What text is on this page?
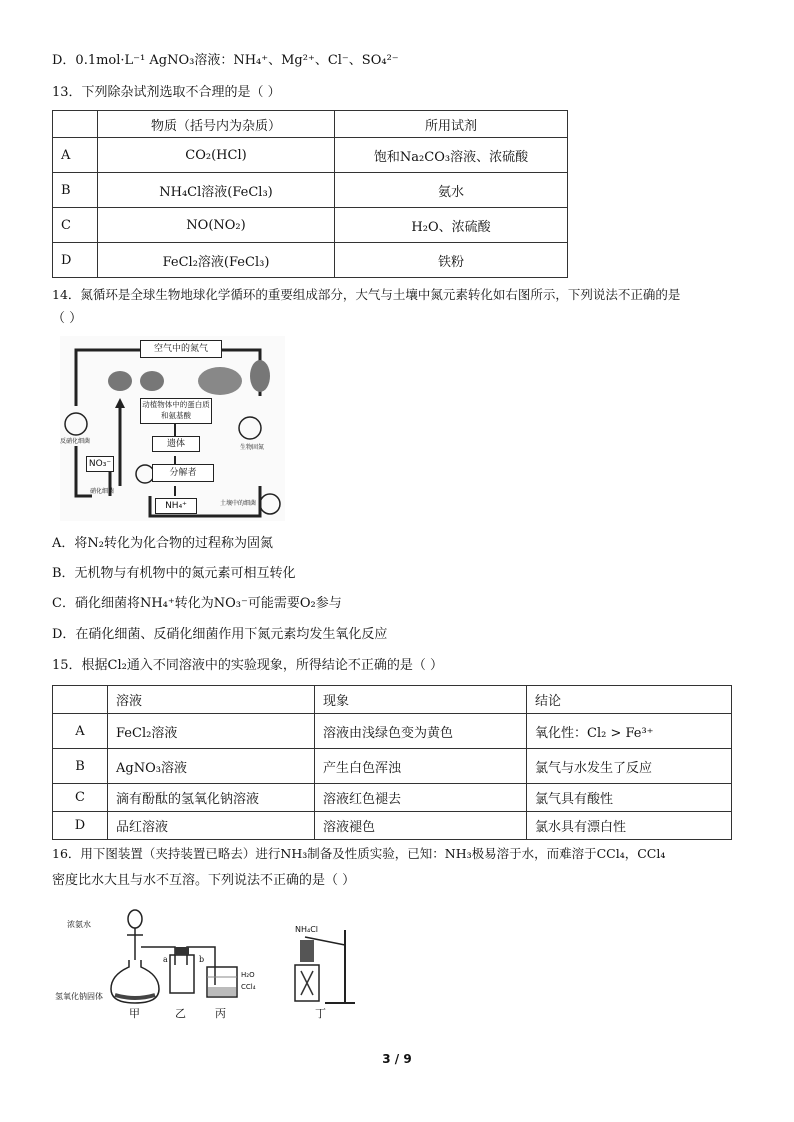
D．0.1mol·L⁻¹ AgNO₃溶液：NH₄⁺、Mg²⁺、Cl⁻、SO₄²⁻
13．下列除杂试剂选取不合理的是（ ）
	物质（括号内为杂质）	所用试剂
A	CO₂(HCl)	饱和Na₂CO₃溶液、浓硫酸
B	NH₄Cl溶液(FeCl₃)	氨水
C	NO(NO₂)	H₂O、浓硫酸
D	FeCl₂溶液(FeCl₃)	铁粉
14．氮循环是全球生物地球化学循环的重要组成部分，大气与土壤中氮元素转化如右图所示，下列说法不正确的是
（ ）
空气中的氮气
动植物体中的蛋白质和氨基酸
遗体
分解者
NO₃⁻
NH₄⁺
反硝化细菌
硝化细菌
生物固氮
土壤中的细菌
A．将N₂转化为化合物的过程称为固氮
B．无机物与有机物中的氮元素可相互转化
C．硝化细菌将NH₄⁺转化为NO₃⁻可能需要O₂参与
D．在硝化细菌、反硝化细菌作用下氮元素均发生氧化反应
15．根据Cl₂通入不同溶液中的实验现象，所得结论不正确的是（ ）
	溶液	现象	结论
A	FeCl₂溶液	溶液由浅绿色变为黄色	氧化性：Cl₂ > Fe³⁺
B	AgNO₃溶液	产生白色浑浊	氯气与水发生了反应
C	滴有酚酞的氢氧化钠溶液	溶液红色褪去	氯气具有酸性
D	品红溶液	溶液褪色	氯水具有漂白性
16．用下图装置（夹持装置已略去）进行NH₃制备及性质实验，已知：NH₃极易溶于水，而难溶于CCl₄，CCl₄
密度比水大且与水不互溶。下列说法不正确的是（ ）
浓氨水
氢氧化钠固体
a	b
H₂O
CCl₄
NH₄Cl
甲	乙	丙	丁
3 / 9
